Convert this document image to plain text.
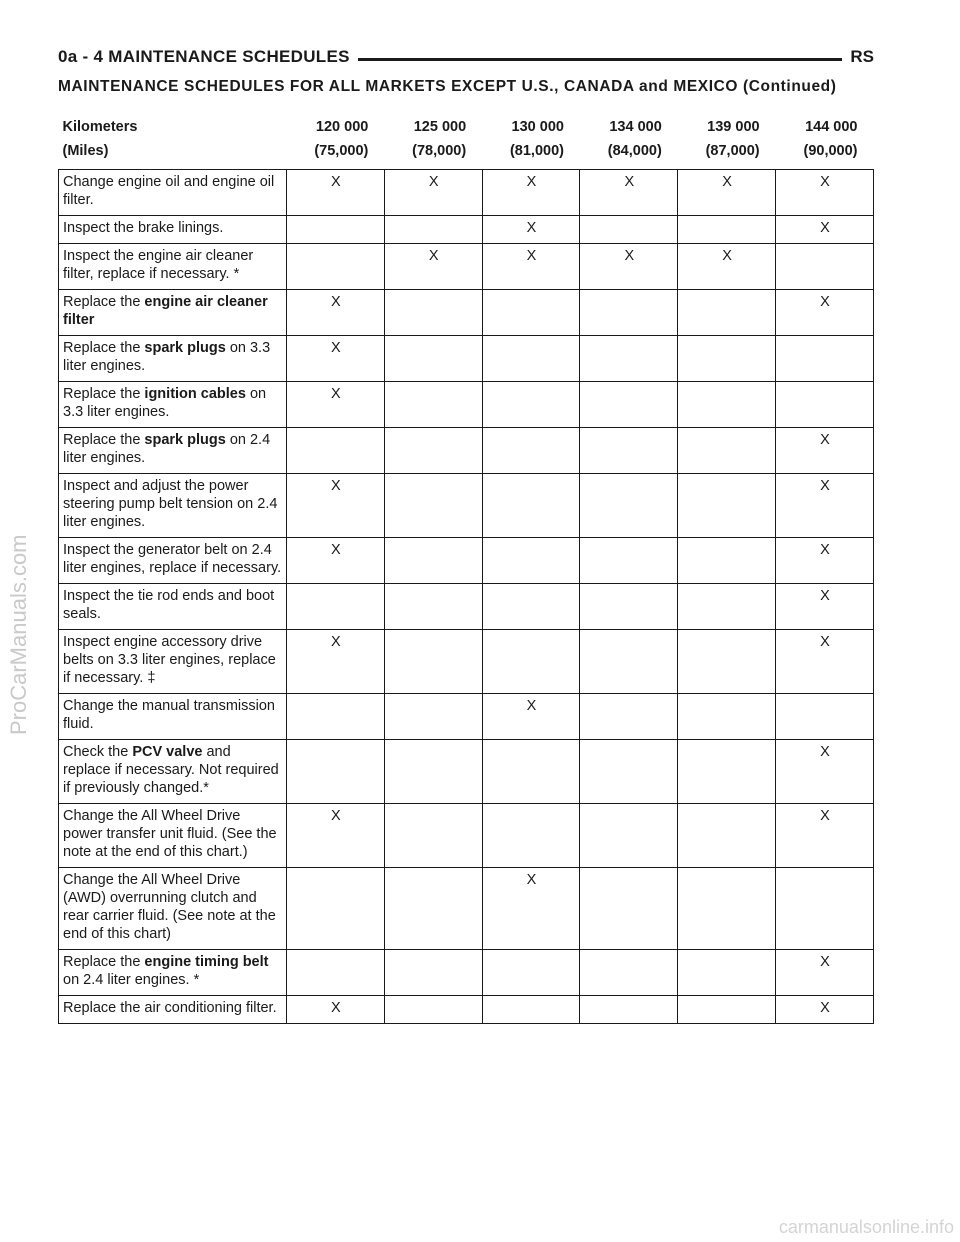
0a - 4 MAINTENANCE SCHEDULES	RS
MAINTENANCE SCHEDULES FOR ALL MARKETS EXCEPT U.S., CANADA and MEXICO (Continued)
Kilometers	120 000	125 000	130 000	134 000	139 000	144 000
(Miles)	(75,000)	(78,000)	(81,000)	(84,000)	(87,000)	(90,000)
Change engine oil and engine oil filter.	X	X	X	X	X	X
Inspect the brake linings.			X			X
Inspect the engine air cleaner filter, replace if necessary. *		X	X	X	X	
Replace the engine air cleaner filter	X					X
Replace the spark plugs on 3.3 liter engines.	X					
Replace the ignition cables on 3.3 liter engines.	X					
Replace the spark plugs on 2.4 liter engines.						X
Inspect and adjust the power steering pump belt tension on 2.4 liter engines.	X					X
Inspect the generator belt on 2.4 liter engines, replace if necessary.	X					X
Inspect the tie rod ends and boot seals.						X
Inspect engine accessory drive belts on 3.3 liter engines, replace if necessary. ‡	X					X
Change the manual transmission fluid.			X			
Check the PCV valve and replace if necessary. Not required if previously changed.*						X
Change the All Wheel Drive power transfer unit fluid. (See the note at the end of this chart.)	X					X
Change the All Wheel Drive (AWD) overrunning clutch and rear carrier fluid. (See note at the end of this chart)			X			
Replace the engine timing belt on 2.4 liter engines. *						X
Replace the air conditioning filter.	X					X
ProCarManuals.com
carmanualsonline.info
